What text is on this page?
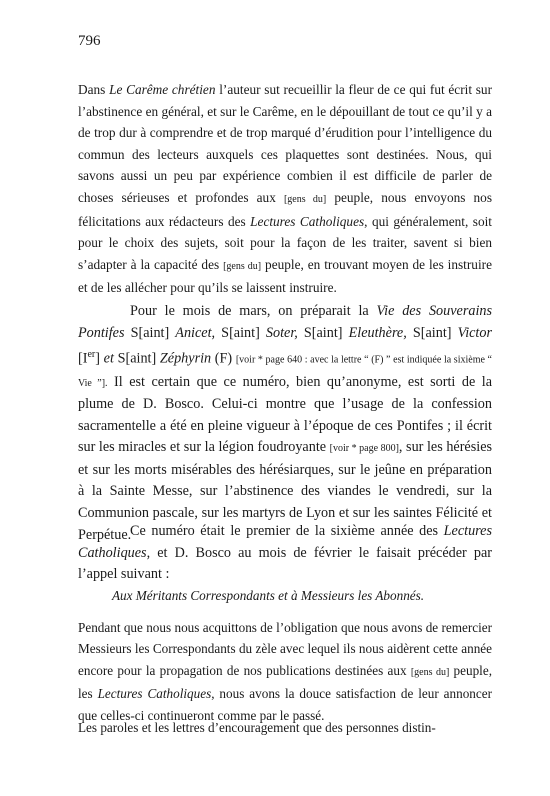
796

Dans Le Carême chrétien l’auteur sut recueillir la fleur de ce qui fut écrit sur l’abstinence en général, et sur le Carême, en le dépouillant de tout ce qu’il y a de trop dur à comprendre et de trop marqué d’érudition pour l’intelligence du commun des lecteurs auxquels ces plaquettes sont destinées. Nous, qui savons aussi un peu par expérience combien il est difficile de parler de choses sérieuses et profondes aux [gens du] peuple, nous envoyons nos félicitations aux rédacteurs des Lectures Catholiques, qui généralement, soit pour le choix des sujets, soit pour la façon de les traiter, savent si bien s’adapter à la capacité des [gens du] peuple, en trouvant moyen de les instruire et de les allécher pour qu’ils se laissent instruire.

Pour le mois de mars, on préparait la Vie des Souverains Pontifes S[aint] Anicet, S[aint] Soter, S[aint] Eleuthère, S[aint] Victor [Ier] et S[aint] Zéphyrin (F) [voir * page 640 : avec la lettre “ (F) ” est indiquée la sixième “ Vie ”]. Il est certain que ce numéro, bien qu’anonyme, est sorti de la plume de D. Bosco. Celui-ci montre que l’usage de la confession sacramentelle a été en pleine vigueur à l’époque de ces Pontifes ; il écrit sur les miracles et sur la légion foudroyante [voir * page 800], sur les hérésies et sur les morts misérables des hérésiarques, sur le jeûne en préparation à la Sainte Messe, sur l’abstinence des viandes le vendredi, sur la Communion pascale, sur les martyrs de Lyon et sur les saintes Félicité et Perpétue.

Ce numéro était le premier de la sixième année des Lectures Catholiques, et D. Bosco au mois de février le faisait précéder par l’appel suivant :

Aux Méritants Correspondants et à Messieurs les Abonnés.

Pendant que nous nous acquittons de l’obligation que nous avons de remercier Messieurs les Correspondants du zèle avec lequel ils nous aidèrent cette année encore pour la propagation de nos publications destinées aux [gens du] peuple, les Lectures Catholiques, nous avons la douce satisfaction de leur annoncer que celles-ci continueront comme par le passé.

Les paroles et les lettres d’encouragement que des personnes distin-
